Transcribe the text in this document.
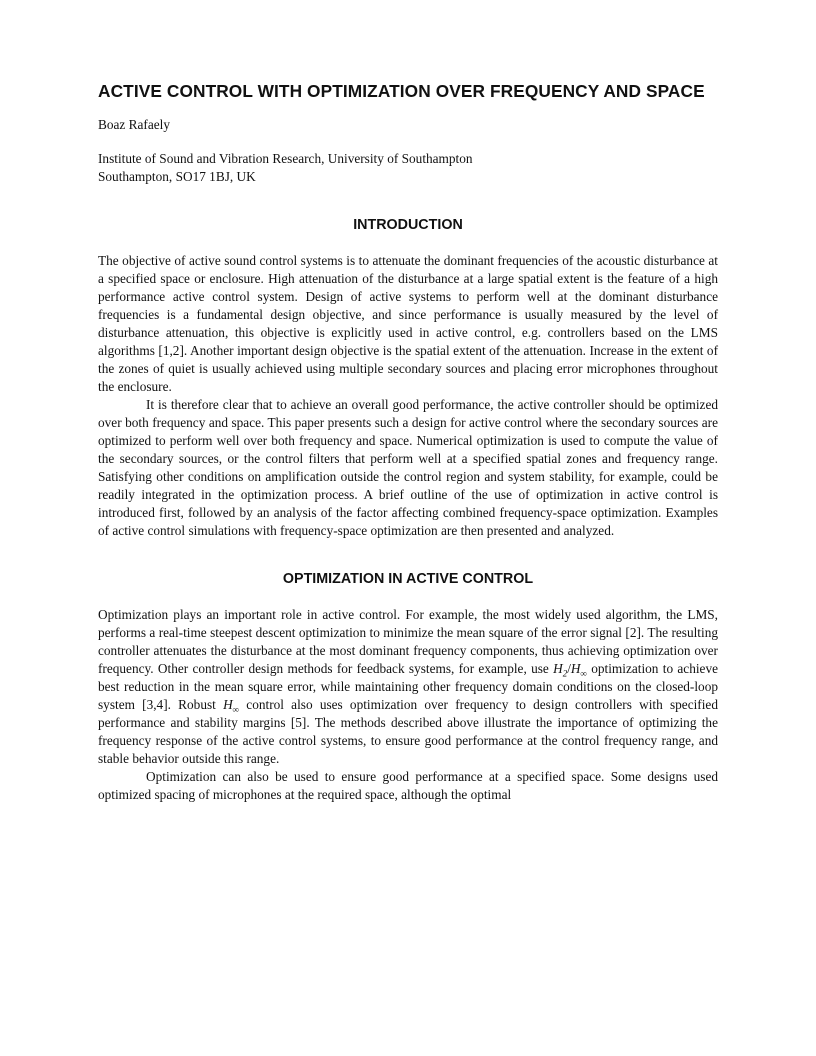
ACTIVE CONTROL WITH OPTIMIZATION OVER FREQUENCY AND SPACE
Boaz Rafaely
Institute of Sound and Vibration Research, University of Southampton
Southampton, SO17 1BJ, UK
INTRODUCTION

The objective of active sound control systems is to attenuate the dominant frequencies of the acoustic disturbance at a specified space or enclosure. High attenuation of the disturbance at a large spatial extent is the feature of a high performance active control system. Design of active systems to perform well at the dominant disturbance frequencies is a fundamental design objective, and since performance is usually measured by the level of disturbance attenuation, this objective is explicitly used in active control, e.g. controllers based on the LMS algorithms [1,2]. Another important design objective is the spatial extent of the attenuation. Increase in the extent of the zones of quiet is usually achieved using multiple secondary sources and placing error microphones throughout the enclosure.

It is therefore clear that to achieve an overall good performance, the active controller should be optimized over both frequency and space. This paper presents such a design for active control where the secondary sources are optimized to perform well over both frequency and space. Numerical optimization is used to compute the value of the secondary sources, or the control filters that perform well at a specified spatial zones and frequency range. Satisfying other conditions on amplification outside the control region and system stability, for example, could be readily integrated in the optimization process. A brief outline of the use of optimization in active control is introduced first, followed by an analysis of the factor affecting combined frequency-space optimization. Examples of active control simulations with frequency-space optimization are then presented and analyzed.

OPTIMIZATION IN ACTIVE CONTROL

Optimization plays an important role in active control. For example, the most widely used algorithm, the LMS, performs a real-time steepest descent optimization to minimize the mean square of the error signal [2]. The resulting controller attenuates the disturbance at the most dominant frequency components, thus achieving optimization over frequency. Other controller design methods for feedback systems, for example, use $H_2/H_\infty$ optimization to achieve best reduction in the mean square error, while maintaining other frequency domain conditions on the closed-loop system [3,4]. Robust $H_\infty$ control also uses optimization over frequency to design controllers with specified performance and stability margins [5]. The methods described above illustrate the importance of optimizing the frequency response of the active control systems, to ensure good performance at the control frequency range, and stable behavior outside this range.

Optimization can also be used to ensure good performance at a specified space. Some designs used optimized spacing of microphones at the required space, although the optimal
